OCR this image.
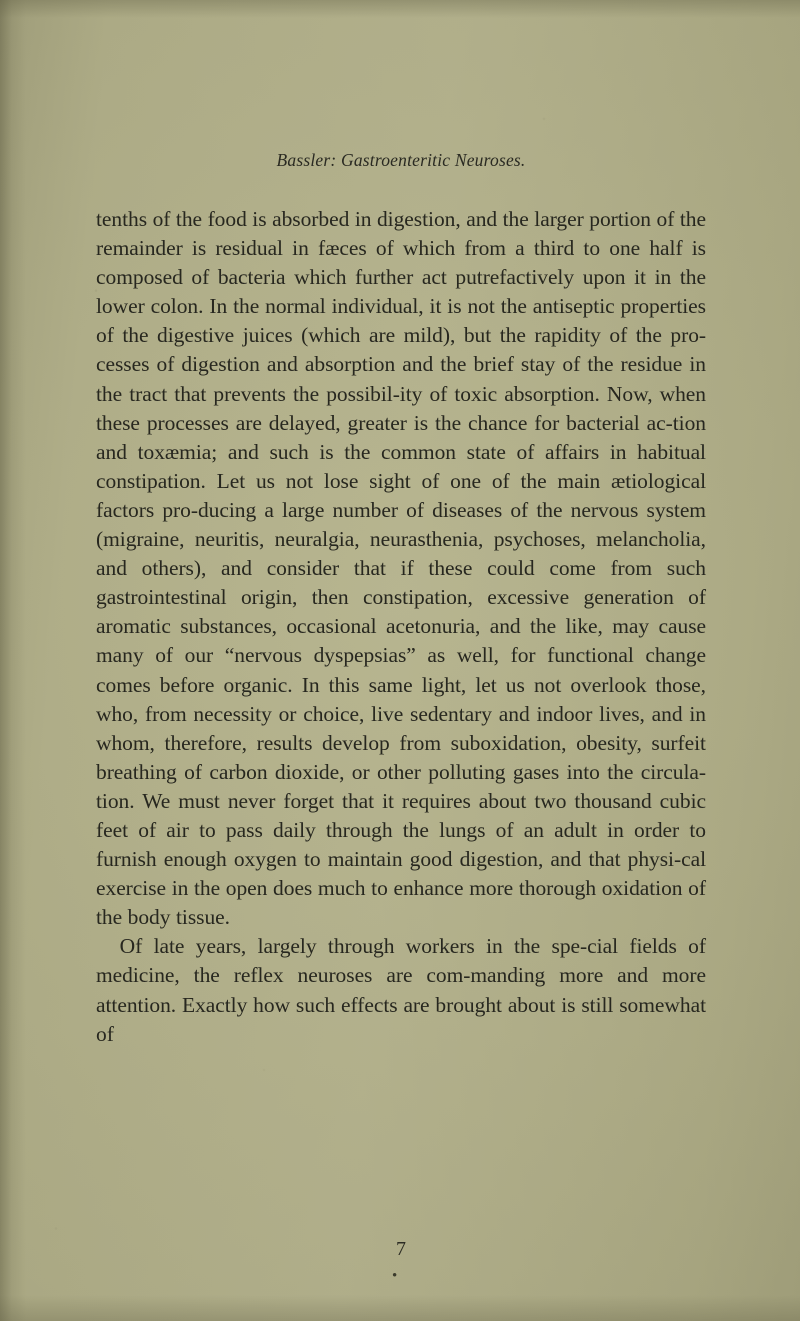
Bassler: Gastroenteritic Neuroses.

tenths of the food is absorbed in digestion, and the larger portion of the remainder is residual in fæces of which from a third to one half is composed of bacteria which further act putrefactively upon it in the lower colon. In the normal individual, it is not the antiseptic properties of the digestive juices (which are mild), but the rapidity of the pro-cesses of digestion and absorption and the brief stay of the residue in the tract that prevents the possibil-ity of toxic absorption. Now, when these processes are delayed, greater is the chance for bacterial ac-tion and toxæmia; and such is the common state of affairs in habitual constipation. Let us not lose sight of one of the main ætiological factors pro-ducing a large number of diseases of the nervous system (migraine, neuritis, neuralgia, neurasthenia, psychoses, melancholia, and others), and consider that if these could come from such gastrointestinal origin, then constipation, excessive generation of aromatic substances, occasional acetonuria, and the like, may cause many of our “nervous dyspepsias” as well, for functional change comes before organic. In this same light, let us not overlook those, who, from necessity or choice, live sedentary and indoor lives, and in whom, therefore, results develop from suboxidation, obesity, surfeit breathing of carbon dioxide, or other polluting gases into the circula-tion. We must never forget that it requires about two thousand cubic feet of air to pass daily through the lungs of an adult in order to furnish enough oxygen to maintain good digestion, and that physi-cal exercise in the open does much to enhance more thorough oxidation of the body tissue.

Of late years, largely through workers in the spe-cial fields of medicine, the reflex neuroses are com-manding more and more attention. Exactly how such effects are brought about is still somewhat of

7
•
